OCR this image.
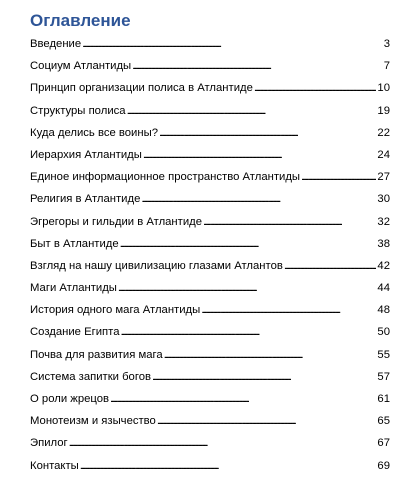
Оглавление
Введение . . .	3
Социум Атлантиды . . .	7
Принцип организации полиса в Атлантиде . . .	10
Структуры полиса . . .	19
Куда делись все воины? . . .	22
Иерархия Атлантиды . . .	24
Единое информационное пространство Атлантиды . . .	27
Религия в Атлантиде . . .	30
Эгрегоры и гильдии в Атлантиде . . .	32
Быт в Атлантиде . . .	38
Взгляд на нашу цивилизацию глазами Атлантов . . .	42
Маги Атлантиды . . .	44
История одного мага Атлантиды . . .	48
Создание Египта . . .	50
Почва для развития мага . . .	55
Система запитки богов . . .	57
О роли жрецов . . .	61
Монотеизм и язычество . . .	65
Эпилог . . .	67
Контакты . . .	69
